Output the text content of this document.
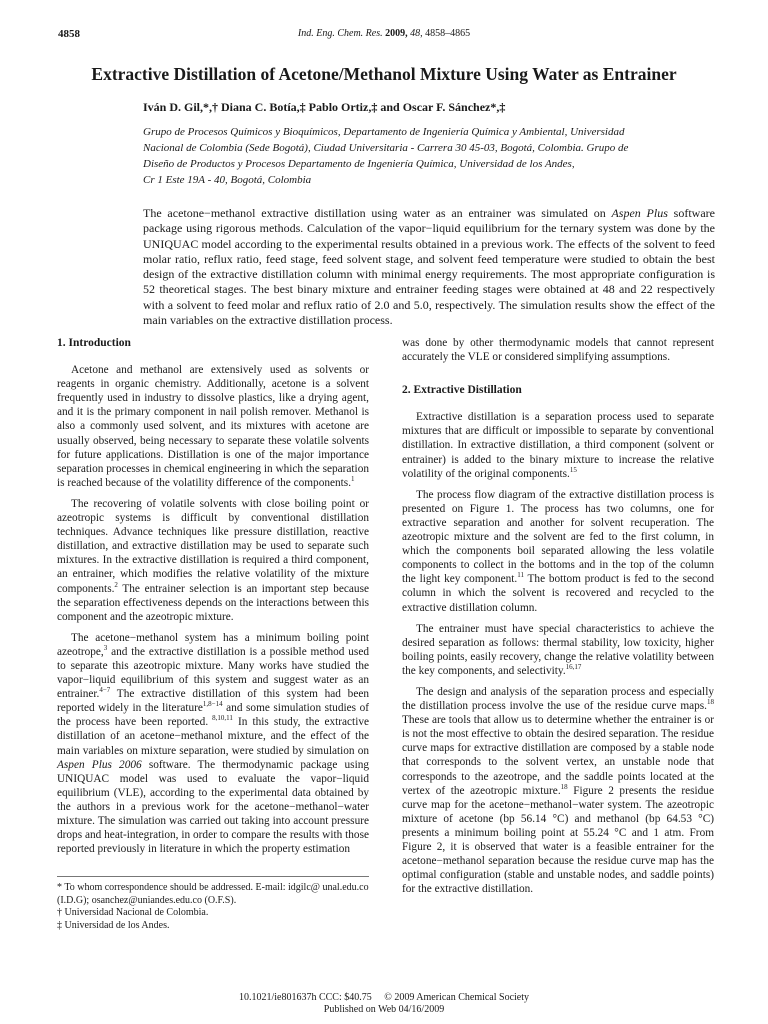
4858	Ind. Eng. Chem. Res. 2009, 48, 4858–4865
Extractive Distillation of Acetone/Methanol Mixture Using Water as Entrainer
Iván D. Gil,*,† Diana C. Botía,‡ Pablo Ortiz,‡ and Oscar F. Sánchez*,‡
Grupo de Procesos Químicos y Bioquímicos, Departamento de Ingeniería Química y Ambiental, Universidad
Nacional de Colombia (Sede Bogotá), Ciudad Universitaria - Carrera 30 45-03, Bogotá, Colombia. Grupo de
Diseño de Productos y Procesos Departamento de Ingeniería Química, Universidad de los Andes,
Cr 1 Este 19A - 40, Bogotá, Colombia
The acetone−methanol extractive distillation using water as an entrainer was simulated on Aspen Plus software package using rigorous methods. Calculation of the vapor−liquid equilibrium for the ternary system was done by the UNIQUAC model according to the experimental results obtained in a previous work. The effects of the solvent to feed molar ratio, reflux ratio, feed stage, feed solvent stage, and solvent feed temperature were studied to obtain the best design of the extractive distillation column with minimal energy requirements. The most appropriate configuration is 52 theoretical stages. The best binary mixture and entrainer feeding stages were obtained at 48 and 22 respectively with a solvent to feed molar and reflux ratio of 2.0 and 5.0, respectively. The simulation results show the effect of the main variables on the extractive distillation process.
1. Introduction

Acetone and methanol are extensively used as solvents or reagents in organic chemistry. Additionally, acetone is a solvent frequently used in industry to dissolve plastics, like a drying agent, and it is the primary component in nail polish remover. Methanol is also a commonly used solvent, and its mixtures with acetone are usually observed, being necessary to separate these volatile solvents for future applications. Distillation is one of the major importance separation processes in chemical engineering in which the separation is reached because of the volatility difference of the components.$^1$

The recovering of volatile solvents with close boiling point or azeotropic systems is difficult by conventional distillation techniques. Advance techniques like pressure distillation, reactive distillation, and extractive distillation may be used to separate such mixtures. In the extractive distillation is required a third component, an entrainer, which modifies the relative volatility of the mixture components.$^2$ The entrainer selection is an important step because the separation effectiveness depends on the interactions between this component and the azeotropic mixture.

The acetone−methanol system has a minimum boiling point azeotrope,$^3$ and the extractive distillation is a possible method used to separate this azeotropic mixture. Many works have studied the vapor−liquid equilibrium of this system and suggest water as an entrainer.$^{4-7}$ The extractive distillation of this system had been reported widely in the literature$^{1,8-14}$ and some simulation studies of the process have been reported. $^{8,10,11}$ In this study, the extractive distillation of an acetone−methanol mixture, and the effect of the main variables on mixture separation, were studied by simulation on Aspen Plus 2006 software. The thermodynamic package using UNIQUAC model was used to evaluate the vapor−liquid equilibrium (VLE), according to the experimental data obtained by the authors in a previous work for the acetone−methanol−water mixture. The simulation was carried out taking into account pressure drops and heat-integration, in order to compare the results with those reported previously in literature in which the property estimation

* To whom correspondence should be addressed. E-mail: idgilc@ unal.edu.co (I.D.G); osanchez@uniandes.edu.co (O.F.S).
† Universidad Nacional de Colombia.
‡ Universidad de los Andes.

was done by other thermodynamic models that cannot represent accurately the VLE or considered simplifying assumptions.

2. Extractive Distillation

Extractive distillation is a separation process used to separate mixtures that are difficult or impossible to separate by conventional distillation. In extractive distillation, a third component (solvent or entrainer) is added to the binary mixture to increase the relative volatility of the original components.$^{15}$

The process flow diagram of the extractive distillation process is presented on Figure 1. The process has two columns, one for extractive separation and another for solvent recuperation. The azeotropic mixture and the solvent are fed to the first column, in which the components boil separated allowing the less volatile components to collect in the bottoms and in the top of the column the light key component.$^{11}$ The bottom product is fed to the second column in which the solvent is recovered and recycled to the extractive distillation column.

The entrainer must have special characteristics to achieve the desired separation as follows: thermal stability, low toxicity, higher boiling points, easily recovery, change the relative volatility between the key components, and selectivity.$^{16,17}$

The design and analysis of the separation process and especially the distillation process involve the use of the residue curve maps.$^{18}$ These are tools that allow us to determine whether the entrainer is or is not the most effective to obtain the desired separation. The residue curve maps for extractive distillation are composed by a stable node that corresponds to the solvent vertex, an unstable node that corresponds to the azeotrope, and the saddle points located at the vertex of the azeotropic mixture.$^{18}$ Figure 2 presents the residue curve map for the acetone−methanol−water system. The azeotropic mixture of acetone (bp 56.14 °C) and methanol (bp 64.53 °C) presents a minimum boiling point at 55.24 °C and 1 atm. From Figure 2, it is observed that water is a feasible entrainer for the acetone−methanol separation because the residue curve map has the optimal configuration (stable and unstable nodes, and saddle points) for the extractive distillation.

10.1021/ie801637h CCC: $40.75     © 2009 American Chemical Society
Published on Web 04/16/2009
